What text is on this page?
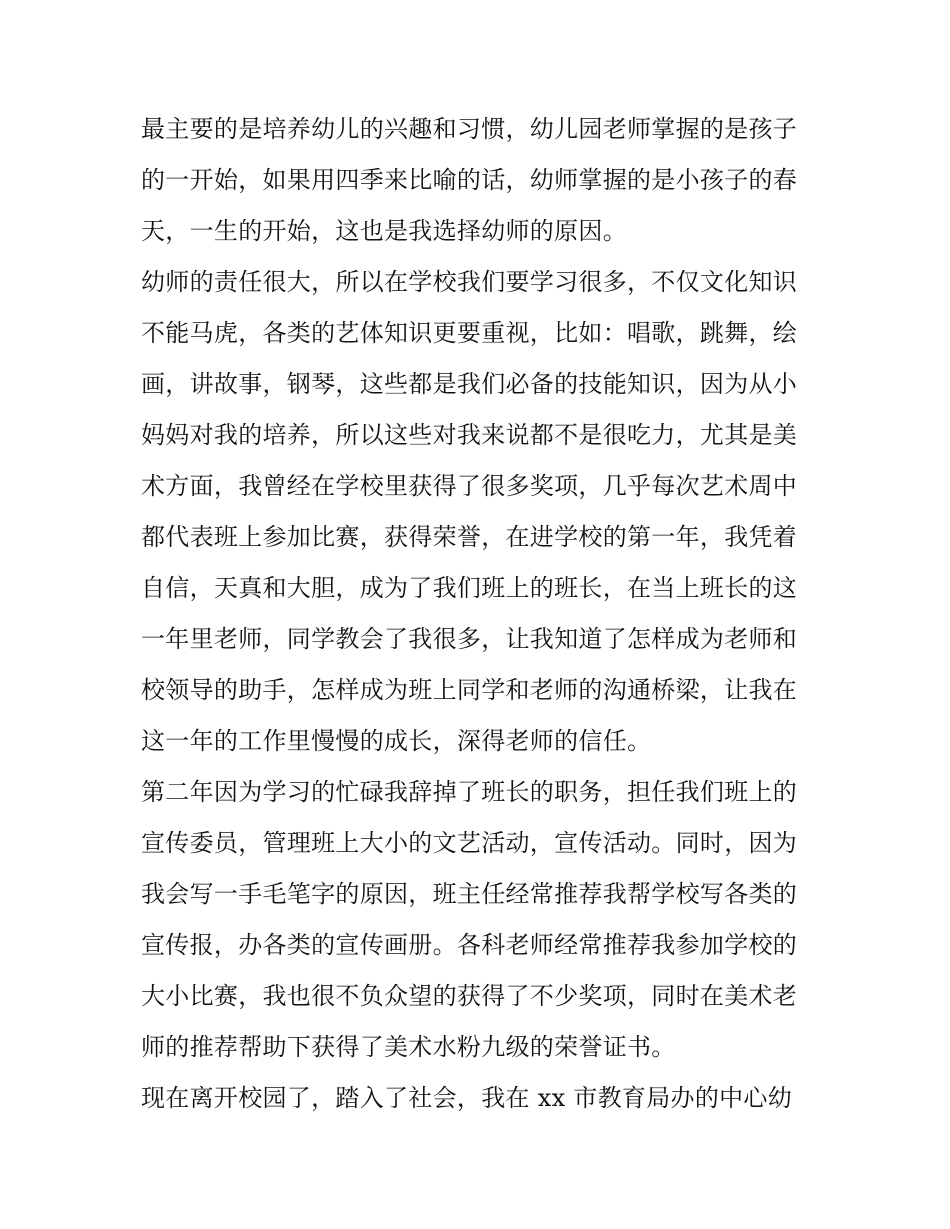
最主要的是培养幼儿的兴趣和习惯，幼儿园老师掌握的是孩子
的一开始，如果用四季来比喻的话，幼师掌握的是小孩子的春
天，一生的开始，这也是我选择幼师的原因。
幼师的责任很大，所以在学校我们要学习很多，不仅文化知识
不能马虎，各类的艺体知识更要重视，比如：唱歌，跳舞，绘
画，讲故事，钢琴，这些都是我们必备的技能知识，因为从小
妈妈对我的培养，所以这些对我来说都不是很吃力，尤其是美
术方面，我曾经在学校里获得了很多奖项，几乎每次艺术周中
都代表班上参加比赛，获得荣誉，在进学校的第一年，我凭着
自信，天真和大胆，成为了我们班上的班长，在当上班长的这
一年里老师，同学教会了我很多，让我知道了怎样成为老师和
校领导的助手，怎样成为班上同学和老师的沟通桥梁，让我在
这一年的工作里慢慢的成长，深得老师的信任。
第二年因为学习的忙碌我辞掉了班长的职务，担任我们班上的
宣传委员，管理班上大小的文艺活动，宣传活动。同时，因为
我会写一手毛笔字的原因，班主任经常推荐我帮学校写各类的
宣传报，办各类的宣传画册。各科老师经常推荐我参加学校的
大小比赛，我也很不负众望的获得了不少奖项，同时在美术老
师的推荐帮助下获得了美术水粉九级的荣誉证书。
现在离开校园了，踏入了社会，我在 xx 市教育局办的中心幼
